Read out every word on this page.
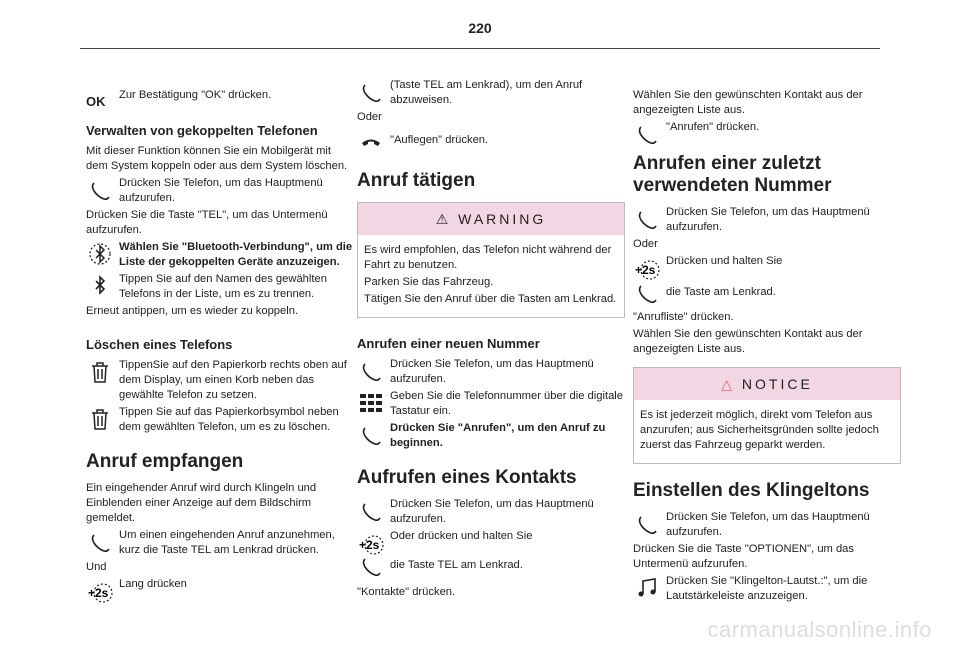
220
OK	Zur Bestätigung "OK" drücken.

Verwalten von gekoppelten Telefonen

Mit dieser Funktion können Sie ein Mobilgerät mit dem System koppeln oder aus dem System löschen.

Drücken Sie Telefon, um das Hauptmenü aufzurufen.

Drücken Sie die Taste "TEL", um das Untermenü aufzurufen.

Wählen Sie "Bluetooth-Verbindung", um die Liste der gekoppelten Geräte anzuzeigen.

Tippen Sie auf den Namen des gewählten Telefons in der Liste, um es zu trennen.

Erneut antippen, um es wieder zu koppeln.

Löschen eines Telefons

TippenSie auf den Papierkorb rechts oben auf dem Display, um einen Korb neben das gewählte Telefon zu setzen.

Tippen Sie auf das Papierkorbsymbol neben dem gewählten Telefon, um es zu löschen.

Anruf empfangen

Ein eingehender Anruf wird durch Klingeln und Einblenden einer Anzeige auf dem Bildschirm gemeldet.

Um einen eingehenden Anruf anzunehmen, kurz die Taste TEL am Lenkrad drücken.

Und

+2s

Lang drücken

(Taste TEL am Lenkrad), um den Anruf abzuweisen.

Oder

"Auflegen" drücken.

Anruf tätigen
⚠ WARNING

Es wird empfohlen, das Telefon nicht während der Fahrt zu benutzen.

Parken Sie das Fahrzeug.

Tätigen Sie den Anruf über die Tasten am Lenkrad.

Anrufen einer neuen Nummer

Drücken Sie Telefon, um das Hauptmenü aufzurufen.

Geben Sie die Telefonnummer über die digitale Tastatur ein.

Drücken Sie "Anrufen", um den Anruf zu beginnen.

Aufrufen eines Kontakts

Drücken Sie Telefon, um das Hauptmenü aufzurufen.

+2s

Oder drücken und halten Sie

die Taste TEL am Lenkrad.

"Kontakte" drücken.

Wählen Sie den gewünschten Kontakt aus der angezeigten Liste aus.

"Anrufen" drücken.

Anrufen einer zuletzt verwendeten Nummer

Drücken Sie Telefon, um das Hauptmenü aufzurufen.

Oder

+2s

Drücken und halten Sie

die Taste am Lenkrad.

"Anrufliste" drücken.

Wählen Sie den gewünschten Kontakt aus der angezeigten Liste aus.

△ NOTICE

Es ist jederzeit möglich, direkt vom Telefon aus anzurufen; aus Sicherheitsgründen sollte jedoch zuerst das Fahrzeug geparkt werden.

Einstellen des Klingeltons

Drücken Sie Telefon, um das Hauptmenü aufzurufen.

Drücken Sie die Taste "OPTIONEN", um das Untermenü aufzurufen.

Drücken Sie "Klingelton-Lautst.:", um die Lautstärkeleiste anzuzeigen.

carmanualsonline.info
